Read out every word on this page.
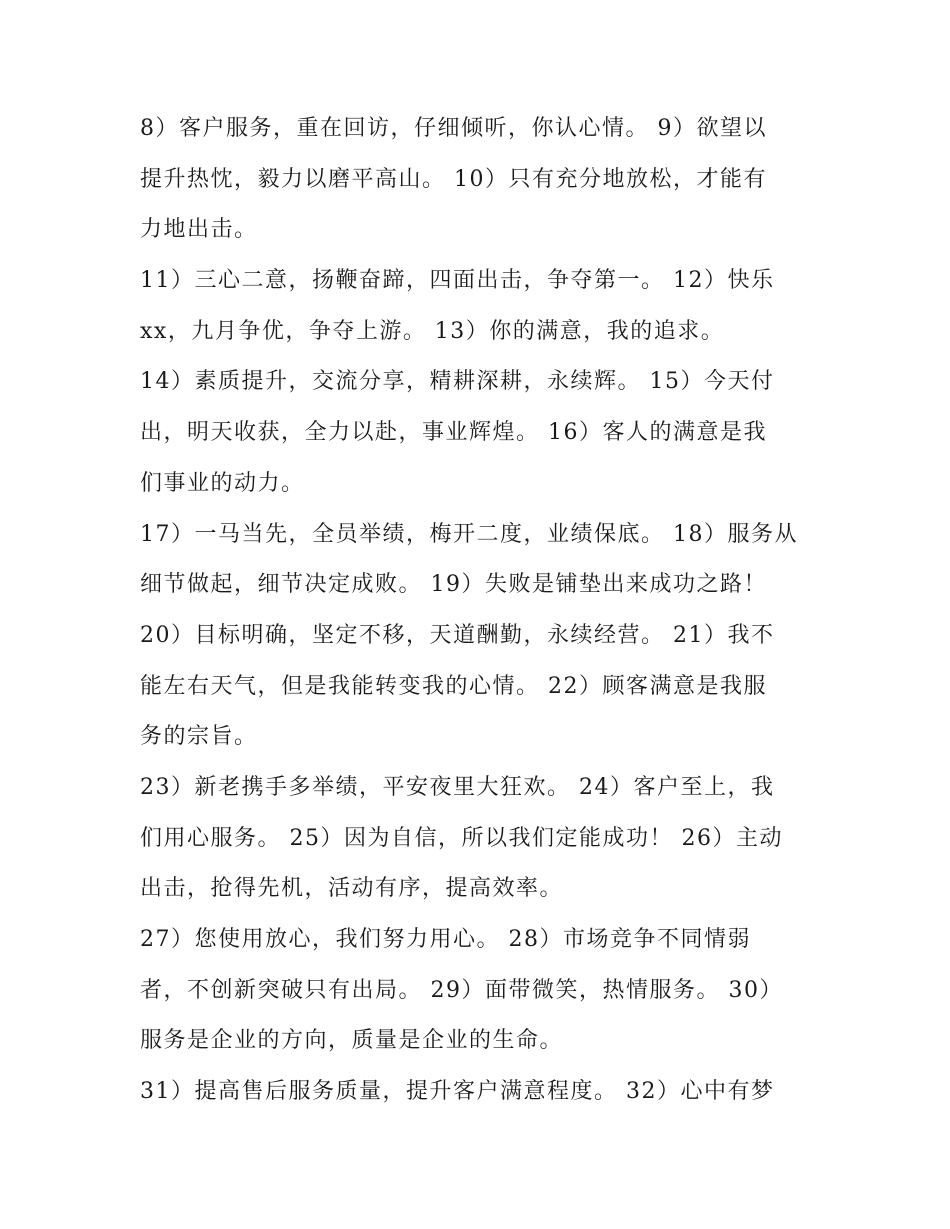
8）客户服务，重在回访，仔细倾听，你认心情。 9）欲望以
提升热忱，毅力以磨平高山。 10）只有充分地放松，才能有
力地出击。
11）三心二意，扬鞭奋蹄，四面出击，争夺第一。 12）快乐
xx，九月争优，争夺上游。 13）你的满意，我的追求。
14）素质提升，交流分享，精耕深耕，永续辉。 15）今天付
出，明天收获，全力以赴，事业辉煌。 16）客人的满意是我
们事业的动力。
17）一马当先，全员举绩，梅开二度，业绩保底。 18）服务从
细节做起，细节决定成败。 19）失败是铺垫出来成功之路！
20）目标明确，坚定不移，天道酬勤，永续经营。 21）我不
能左右天气，但是我能转变我的心情。 22）顾客满意是我服
务的宗旨。
23）新老携手多举绩，平安夜里大狂欢。 24）客户至上，我
们用心服务。 25）因为自信，所以我们定能成功！ 26）主动
出击，抢得先机，活动有序，提高效率。
27）您使用放心，我们努力用心。 28）市场竞争不同情弱
者，不创新突破只有出局。 29）面带微笑，热情服务。 30）
服务是企业的方向，质量是企业的生命。
31）提高售后服务质量，提升客户满意程度。 32）心中有梦
